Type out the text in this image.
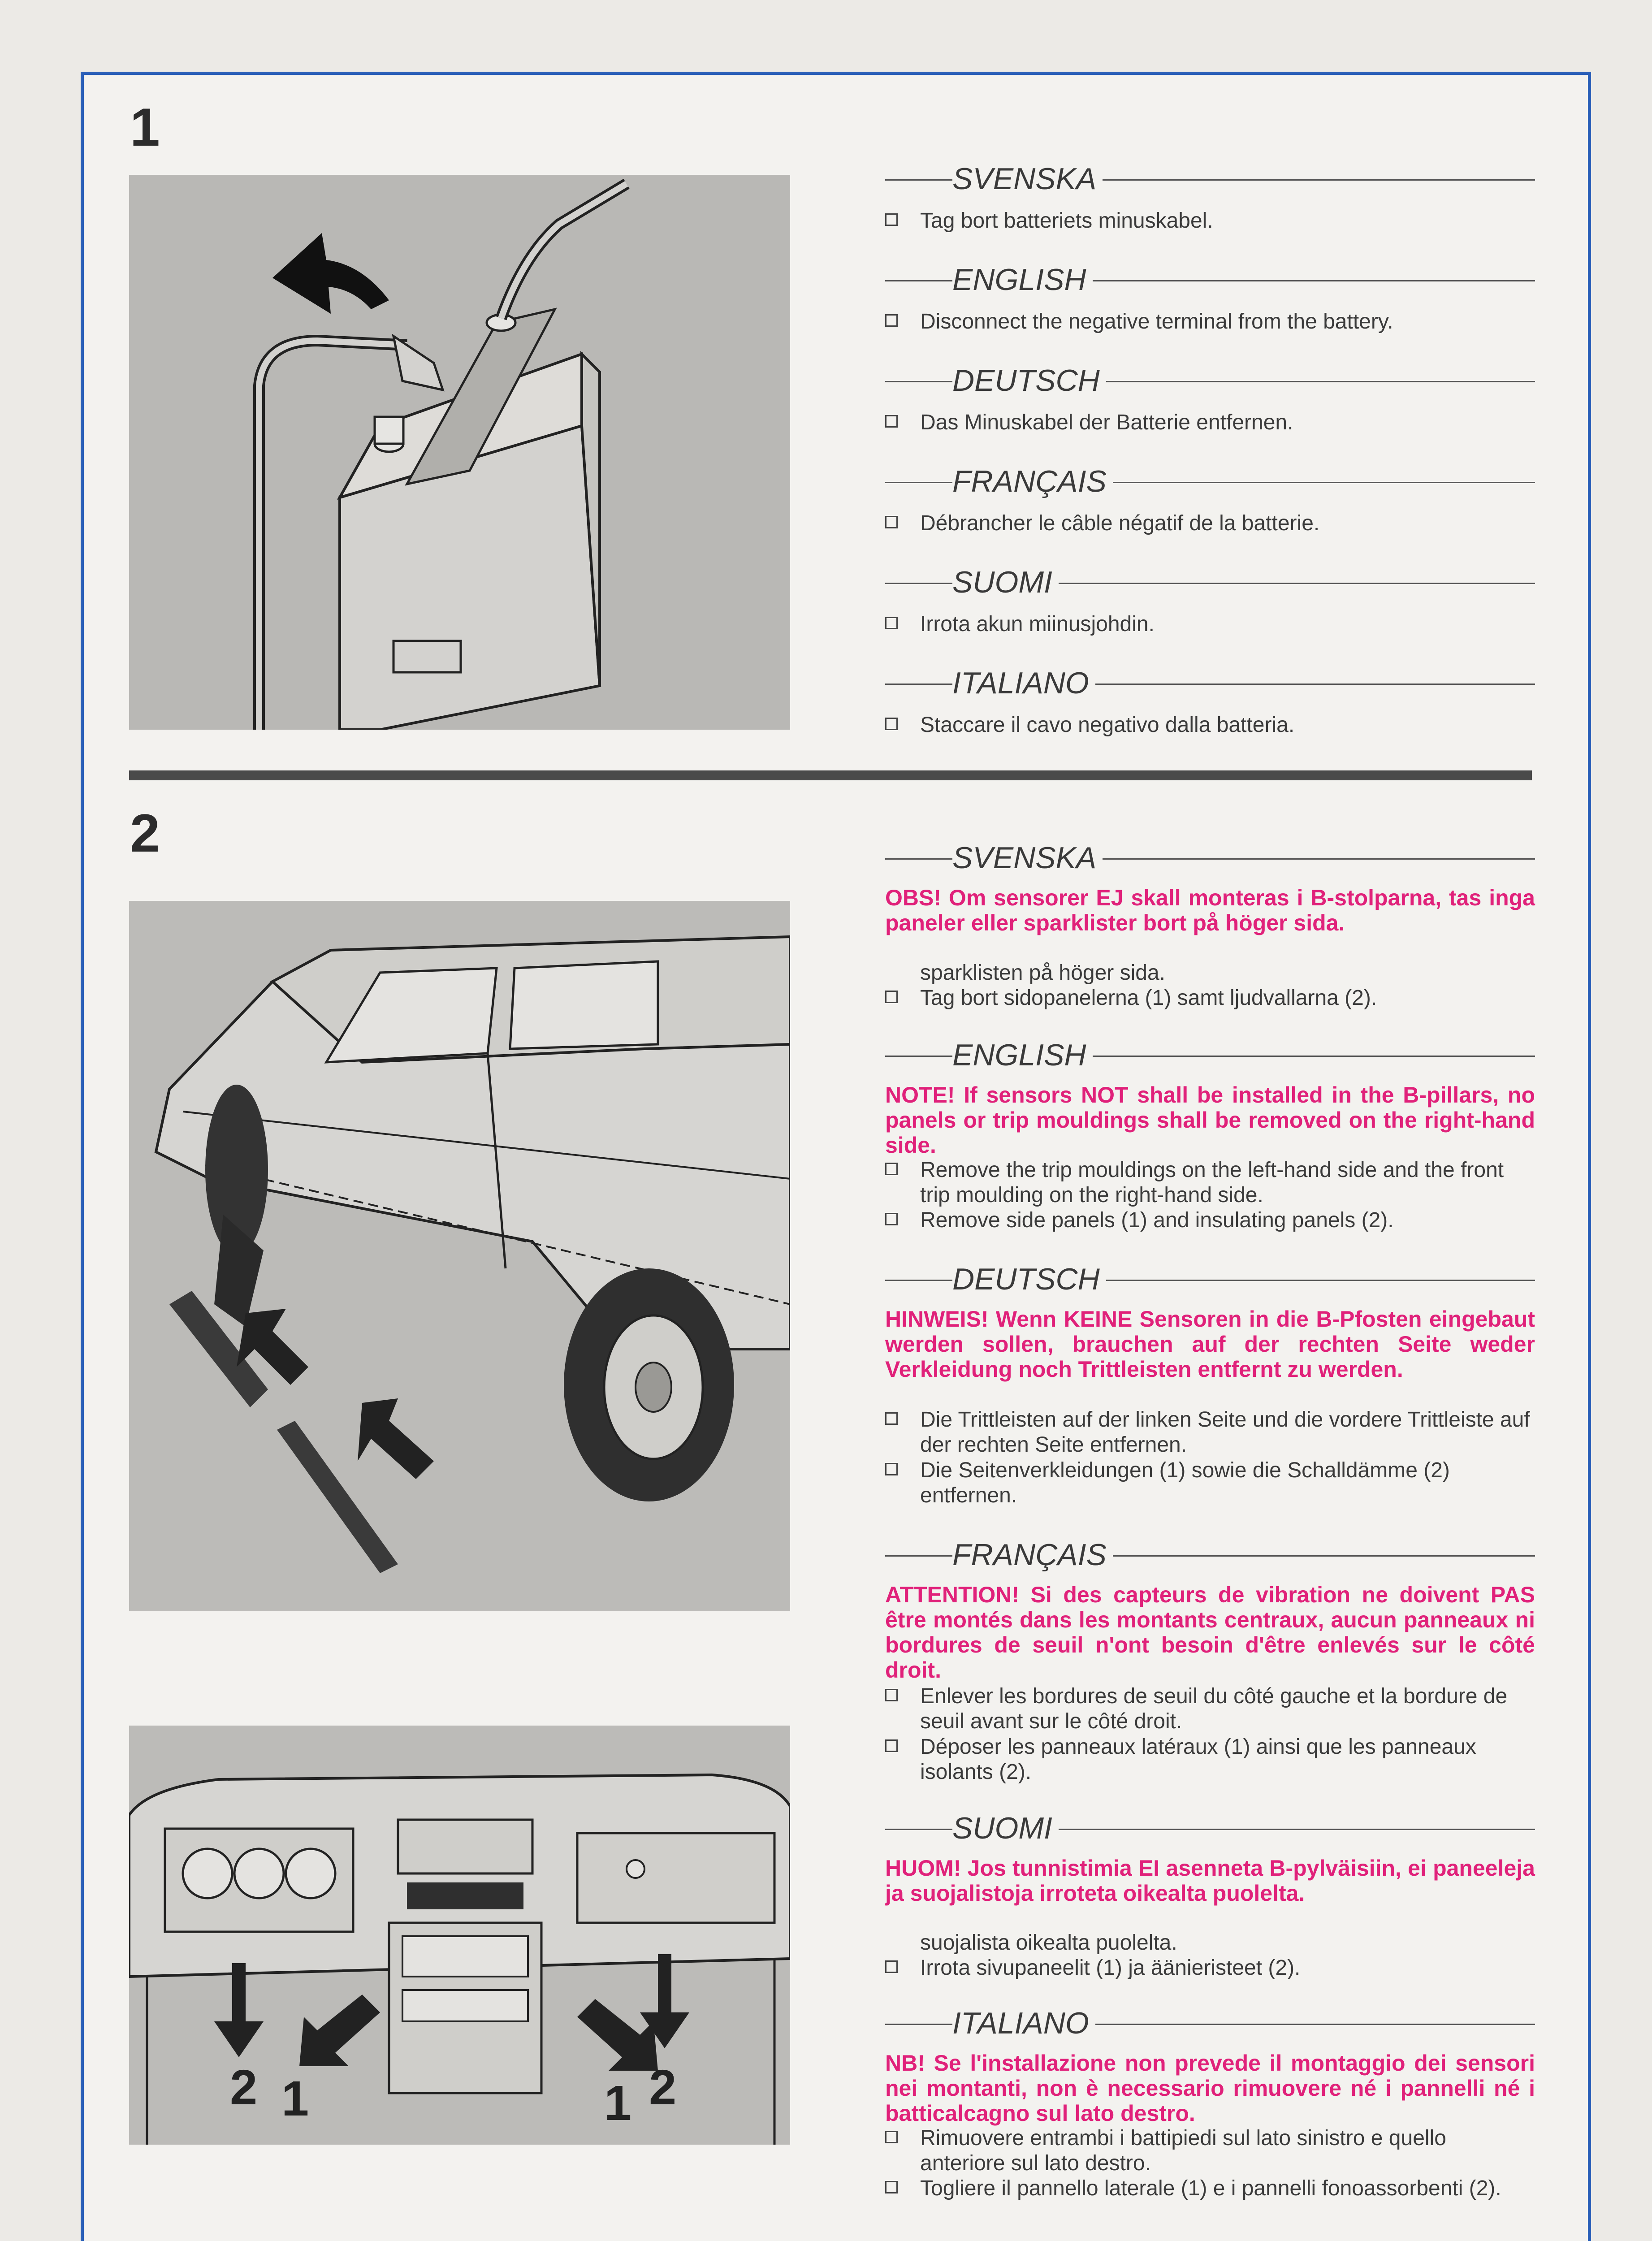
1
SVENSKA
Tag bort batteriets minuskabel.
ENGLISH
Disconnect the negative terminal from the battery.
DEUTSCH
Das Minuskabel der Batterie entfernen.
FRANÇAIS
Débrancher le câble négatif de la batterie.
SUOMI
Irrota akun miinusjohdin.
ITALIANO
Staccare il cavo negativo dalla batteria.
2
2 1	1 2
SVENSKA
OBS! Om sensorer EJ skall monteras i B-stolparna, tas inga paneler eller sparklister bort på höger sida.
sparklisten på höger sida.
Tag bort sidopanelerna (1) samt ljudvallarna (2).
ENGLISH
NOTE! If sensors NOT shall be installed in the B-pillars, no panels or trip mouldings shall be removed on the right-hand side.
Remove the trip mouldings on the left-hand side and the front trip moulding on the right-hand side.
Remove side panels (1) and insulating panels (2).
DEUTSCH
HINWEIS! Wenn KEINE Sensoren in die B-Pfosten eingebaut werden sollen, brauchen auf der rechten Seite weder Verkleidung noch Trittleisten entfernt zu werden.
Die Trittleisten auf der linken Seite und die vordere Trittleiste auf der rechten Seite entfernen.
Die Seitenverkleidungen (1) sowie die Schalldämme (2) entfernen.
FRANÇAIS
ATTENTION! Si des capteurs de vibration ne doivent PAS être montés dans les montants centraux, aucun panneaux ni bordures de seuil n'ont besoin d'être enlevés sur le côté droit.
Enlever les bordures de seuil du côté gauche et la bordure de seuil avant sur le côté droit.
Déposer les panneaux latéraux (1) ainsi que les panneaux isolants (2).
SUOMI
HUOM! Jos tunnistimia EI asenneta B-pylväisiin, ei paneeleja ja suojalistoja irroteta oikealta puolelta.
suojalista oikealta puolelta.
Irrota sivupaneelit (1) ja äänieristeet (2).
ITALIANO
NB! Se l'installazione non prevede il montaggio dei sensori nei montanti, non è necessario rimuovere né i pannelli né i batticalcagno sul lato destro.
Rimuovere entrambi i battipiedi sul lato sinistro e quello anteriore sul lato destro.
Togliere il pannello laterale (1) e i pannelli fonoassorbenti (2).
